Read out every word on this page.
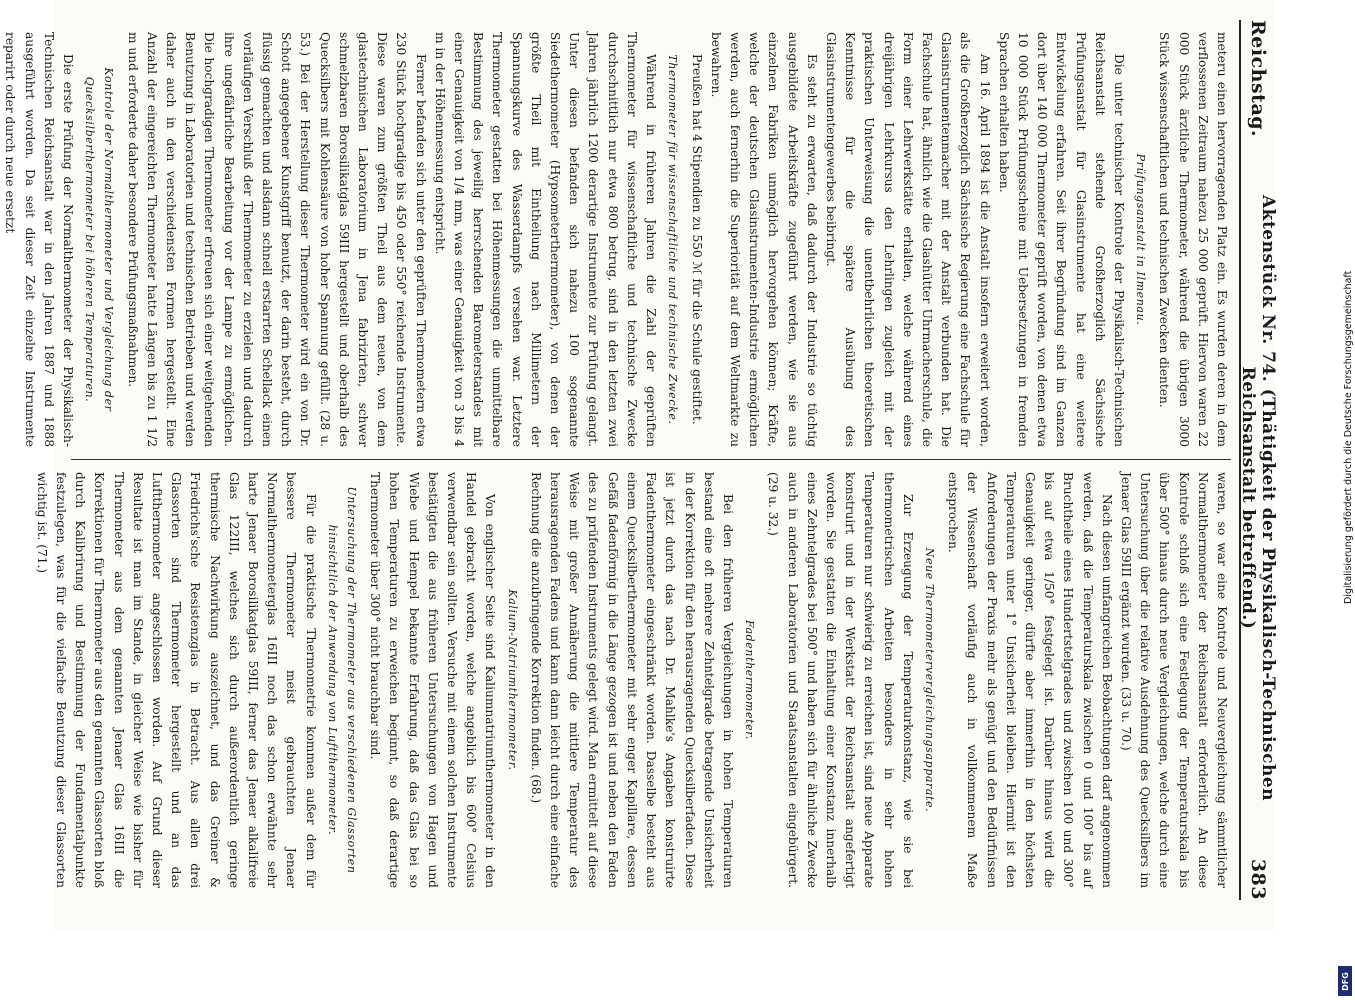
Reichstag.
Aktenstück Nr. 74. (Thätigkeit der Physikalisch-Technischen Reichsanstalt betreffend.)
383

meteru einen hervorragenden Platz ein. Es wurden deren in dem verflossenen Zeitraum nahezu 25 000 geprüft. Hiervon waren 22 000 Stück ärztliche Thermometer, während die übrigen 3000 Stück wissenschaftlichen und technischen Zwecken dienten.

Prüfungsanstalt in Ilmenau.

Die unter technischer Kontrole der Physikalisch-Technischen Reichsanstalt stehende Großherzoglich Sächsische Prüfungsanstalt für Glasinstrumente hat eine weitere Entwickelung erfahren. Seit ihrer Begründung sind im Ganzen dort über 140 000 Thermometer geprüft worden, von denen etwa 10 000 Stück Prüfungsscheine mit Uebersetzungen in fremden Sprachen erhalten haben.

Am 16. April 1894 ist die Anstalt insofern erweitert worden, als die Großherzoglich Sächsische Regierung eine Fachschule für Glasinstrumentenmacher mit der Anstalt verbunden hat. Die Fachschule hat, ähnlich wie die Glashütter Uhrmacherschule, die Form einer Lehrwerkstätte erhalten, welche während eines dreijährigen Lehrkursus den Lehrlingen zugleich mit der praktischen Unterweisung die unentbehrlichen theoretischen Kenntnisse für die spätere Ausübung des Glasinstrumentengewerbes beibringt.

Es steht zu erwarten, daß dadurch der Industrie so tüchtig ausgebildete Arbeitskräfte zugeführt werden, wie sie aus einzelnen Fabriken unmöglich hervorgehen können; Kräfte, welche der deutschen Glasinstrumenten-Industrie ermöglichen werden, auch fernerhin die Superiorität auf dem Weltmarkte zu bewahren.

Preußen hat 4 Stipendien zu 550 ℳ für die Schule gestiftet.

Thermometer für wissenschaftliche und technische Zwecke.

Während in früheren Jahren die Zahl der geprüften Thermometer für wissenschaftliche und technische Zwecke durchschnittlich nur etwa 800 betrug, sind in den letzten zwei Jahren jährlich 1200 derartige Instrumente zur Prüfung gelangt. Unter diesen befanden sich nahezu 100 sogenannte Siedethermometer (Hypsometerthermometer), von denen der größte Theil mit Eintheilung nach Millimetern der Spannungskurve des Wasserdampfs versehen war. Letztere Thermometer gestatten bei Höhenmessungen die unmittelbare Bestimmung des jeweilig herrschenden Barometerstandes mit einer Genauigkeit von 1/4 mm, was einer Genauigkeit von 3 bis 4 m in der Höhenmessung entspricht.

Ferner befanden sich unter den geprüften Thermometern etwa 230 Stück hochgradige bis 450 oder 550° reichende Instrumente. Diese waren zum größten Theil aus dem neuen, von dem glastechnischen Laboratorium in Jena fabrizirten, schwer schmelzbaren Borosilikatglas 59III hergestellt und oberhalb des Quecksilbers mit Kohlensäure von hoher Spannung gefüllt. (28 u. 53.) Bei der Herstellung dieser Thermometer wird ein von Dr. Schott angegebener Kunstgriff benutzt, der darin besteht, durch flüssig gemachten und alsdann schnell erstarrten Schellack einen vorläufigen Verschluß der Thermometer zu erzielen und dadurch ihre ungefährliche Bearbeitung vor der Lampe zu ermöglichen. Die hochgradigen Thermometer erfreuen sich einer weitgehenden Benutzung in Laboratorien und technischen Betrieben und werden daher auch in den verschiedensten Formen hergestellt. Eine Anzahl der eingereichten Thermometer hatte Längen bis zu 1 1/2 m und erforderte daher besondere Prüfungsmaßnahmen.

Kontrole der Normalthermometer und Vergleichung der Quecksilberthermometer bei höheren Temperaturen.

Die erste Prüfung der Normalthermometer der Physikalisch-Technischen Reichsanstalt war in den Jahren 1887 und 1888 ausgeführt worden. Da seit dieser Zeit einzelne Instrumente reparirt oder durch neue ersetzt

waren, so war eine Kontrole und Neuvergleichung sämmtlicher Normalthermometer der Reichsanstalt erforderlich. An diese Kontrole schloß sich eine Festlegung der Temperaturskala bis über 500° hinaus durch neue Vergleichungen, welche durch eine Untersuchung über die relative Ausdehnung des Quecksilbers im Jenaer Glas 59III ergänzt wurden. (33 u. 70.)

Nach diesen umfangreichen Beobachtungen darf angenommen werden, daß die Temperaturskala zwischen 0 und 100° bis auf Bruchtheile eines Hundertstelgrades und zwischen 100 und 300° bis auf etwa 1/50° festgelegt ist. Darüber hinaus wird die Genauigkeit geringer, dürfte aber immerhin in den höchsten Temperaturen unter 1° Unsicherheit bleiben. Hiermit ist den Anforderungen der Praxis mehr als genügt und den Bedürfnissen der Wissenschaft vorläufig auch in vollkommenem Maße entsprochen.

Neue Thermometervergleichungsapparate.

Zur Erzeugung der Temperaturkonstanz, wie sie bei thermometrischen Arbeiten besonders in sehr hohen Temperaturen nur schwierig zu erreichen ist, sind neue Apparate konstruirt und in der Werkstatt der Reichsanstalt angefertigt worden. Sie gestatten die Einhaltung einer Konstanz innerhalb eines Zehntelgrades bei 500° und haben sich für ähnliche Zwecke auch in anderen Laboratorien und Staatsanstalten eingebürgert. (29 u. 32.)

Fadenthermometer.

Bei den früheren Vergleichungen in hohen Temperaturen bestand eine oft mehrere Zehntelgrade betragende Unsicherheit in der Korrektion für den herausragenden Quecksilberfaden. Diese ist jetzt durch das nach Dr. Mahlke's Angaben konstruirte Fadenthermometer eingeschränkt worden. Dasselbe besteht aus einem Quecksilberthermometer mit sehr enger Kapillare, dessen Gefäß fadenförmig in die Länge gezogen ist und neben den Faden des zu prüfenden Instruments gelegt wird. Man ermittelt auf diese Weise mit großer Annäherung die mittlere Temperatur des herausragenden Fadens und kann dann leicht durch eine einfache Rechnung die anzubringende Korrektion finden. (68.)

Kalium-Natriumthermometer.

Von englischer Seite sind Kaliumnatriumthermometer in den Handel gebracht worden, welche angeblich bis 600° Celsius verwendbar sein sollten. Versuche mit einem solchen Instrumente bestätigten die aus früheren Untersuchungen von Hagen und Wiebe und Hempel bekannte Erfahrung, daß das Glas bei so hohen Temperaturen zu erweichen beginnt, so daß derartige Thermometer über 300° nicht brauchbar sind.

Untersuchung der Thermometer aus verschiedenen Glassorten hinsichtlich der Anwendung von Luftthermometer.

Für die praktische Thermometrie kommen außer dem für bessere Thermometer meist gebrauchten Jenaer Normalthermometerglas 16III noch das schon erwähnte sehr harte Jenaer Borosilikatglas 59III, ferner das Jenaer alkalifreie Glas 122III, welches sich durch außerordentlich geringe thermische Nachwirkung auszeichnet, und das Greiner & Friedrichs'sche Resistenzglas in Betracht. Aus allen drei Glassorten sind Thermometer hergestellt und an das Luftthermometer angeschlossen worden. Auf Grund dieser Resultate ist man im Stande, in gleicher Weise wie bisher für Thermometer aus dem genannten Jenaer Glas 16III die Korrektionen für Thermometer aus den genannten Glassorten bloß durch Kalibrirung und Bestimmung der Fundamentalpunkte festzulegen, was für die vielfache Benutzung dieser Glassorten wichtig ist. (71.)	Digitalisierung gefördert durch die Deutsche Forschungsgemeinschaft
DFG
